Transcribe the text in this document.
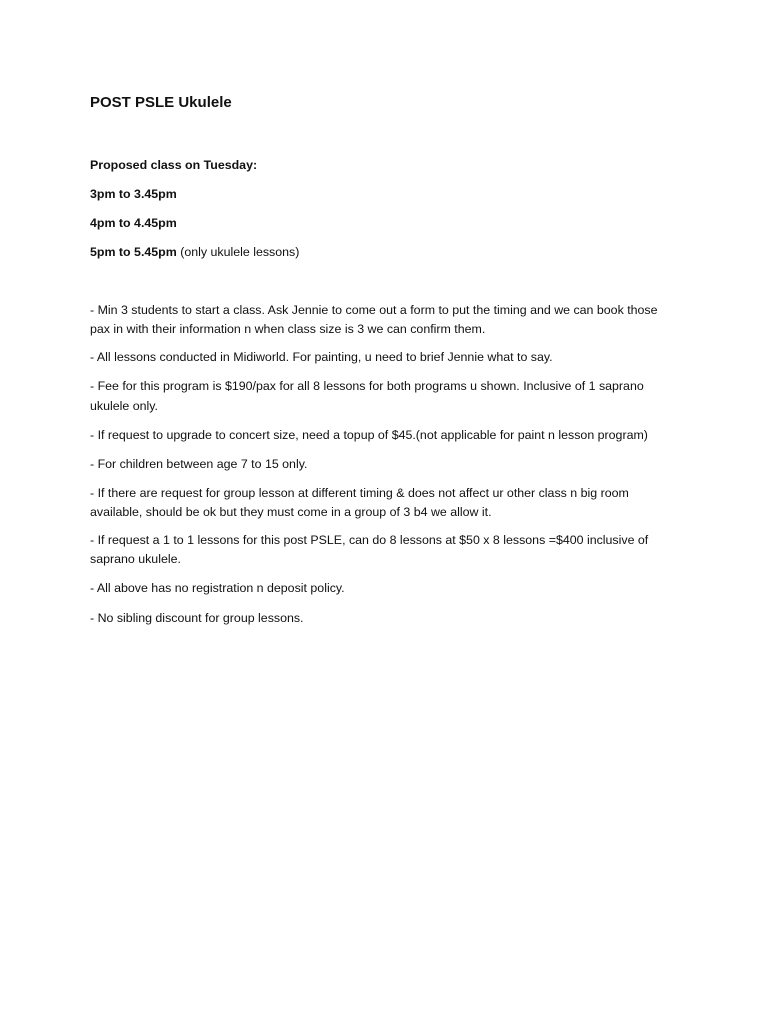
POST PSLE Ukulele
Proposed class on Tuesday:
3pm to 3.45pm
4pm to 4.45pm
5pm to 5.45pm (only ukulele lessons)
- Min 3 students to start a class. Ask Jennie to come out a form to put the timing and we can book those
pax in with their information n when class size is 3 we can confirm them.
- All lessons conducted in Midiworld. For painting, u need to brief Jennie what to say.
- Fee for this program is $190/pax for all 8 lessons for both programs u shown. Inclusive of 1 saprano
ukulele only.
- If request to upgrade to concert size, need a topup of $45.(not applicable for paint n lesson program)
- For children between age 7 to 15 only.
- If there are request for group lesson at different timing & does not affect ur other class n big room
available, should be ok but they must come in a group of 3 b4 we allow it.
- If request a 1 to 1 lessons for this post PSLE, can do 8 lessons at $50 x 8 lessons =$400 inclusive of
saprano ukulele.
- All above has no registration n deposit policy.
- No sibling discount for group lessons.
